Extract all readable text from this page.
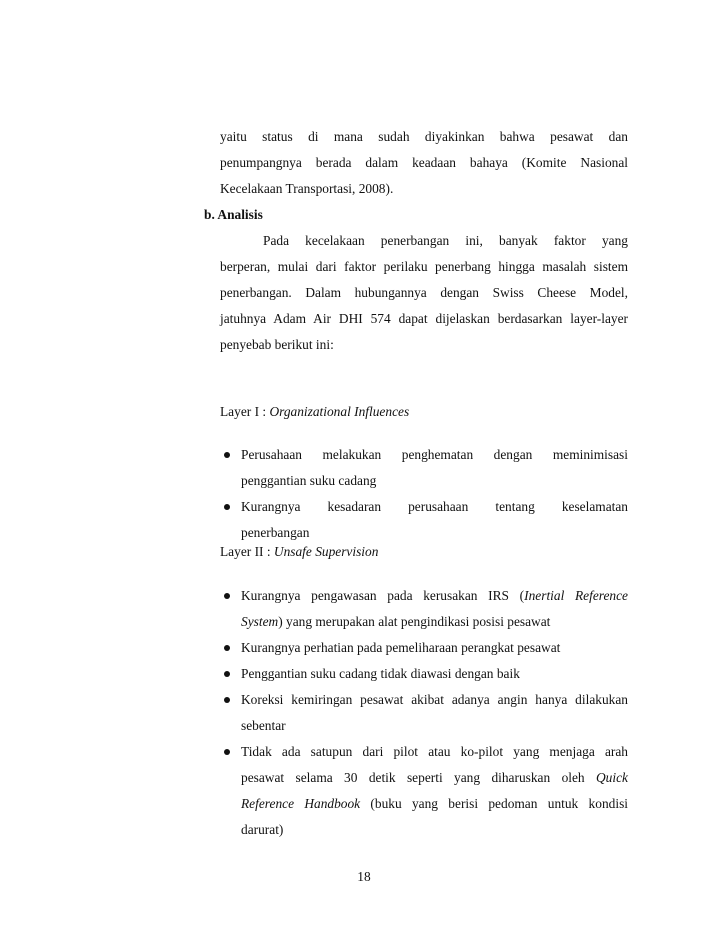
yaitu status di mana sudah diyakinkan bahwa pesawat dan
penumpangnya berada dalam keadaan bahaya (Komite Nasional
Kecelakaan Transportasi, 2008).
b. Analisis
Pada kecelakaan penerbangan ini, banyak faktor yang
berperan, mulai dari faktor perilaku penerbang hingga masalah sistem
penerbangan. Dalam hubungannya dengan Swiss Cheese Model,
jatuhnya Adam Air DHI 574 dapat dijelaskan berdasarkan layer-layer
penyebab berikut ini:
Layer I : Organizational Influences
Perusahaan melakukan penghematan dengan meminimisasi
penggantian suku cadang
Kurangnya kesadaran perusahaan tentang keselamatan
penerbangan
Layer II : Unsafe Supervision
Kurangnya pengawasan pada kerusakan IRS (Inertial Reference
System) yang merupakan alat pengindikasi posisi pesawat
Kurangnya perhatian pada pemeliharaan perangkat pesawat
Penggantian suku cadang tidak diawasi dengan baik
Koreksi kemiringan pesawat akibat adanya angin hanya dilakukan
sebentar
Tidak ada satupun dari pilot atau ko-pilot yang menjaga arah
pesawat selama 30 detik seperti yang diharuskan oleh Quick
Reference Handbook (buku yang berisi pedoman untuk kondisi
darurat)
18
